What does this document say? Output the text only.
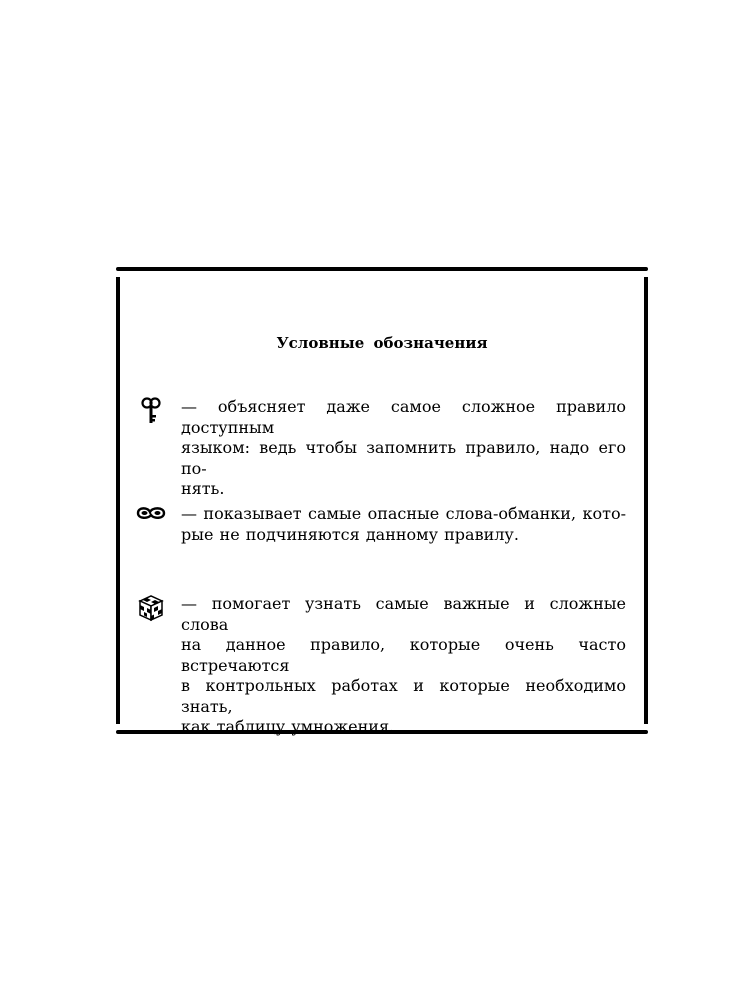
Условные обозначения
— объясняет даже самое сложное правило доступным
языком: ведь чтобы запомнить правило, надо его по-
нять.
— показывает самые опасные слова-обманки, кото-
рые не подчиняются данному правилу.
— помогает узнать самые важные и сложные слова
на данное правило, которые очень часто встречаются
в контрольных работах и которые необходимо знать,
как таблицу умножения.
